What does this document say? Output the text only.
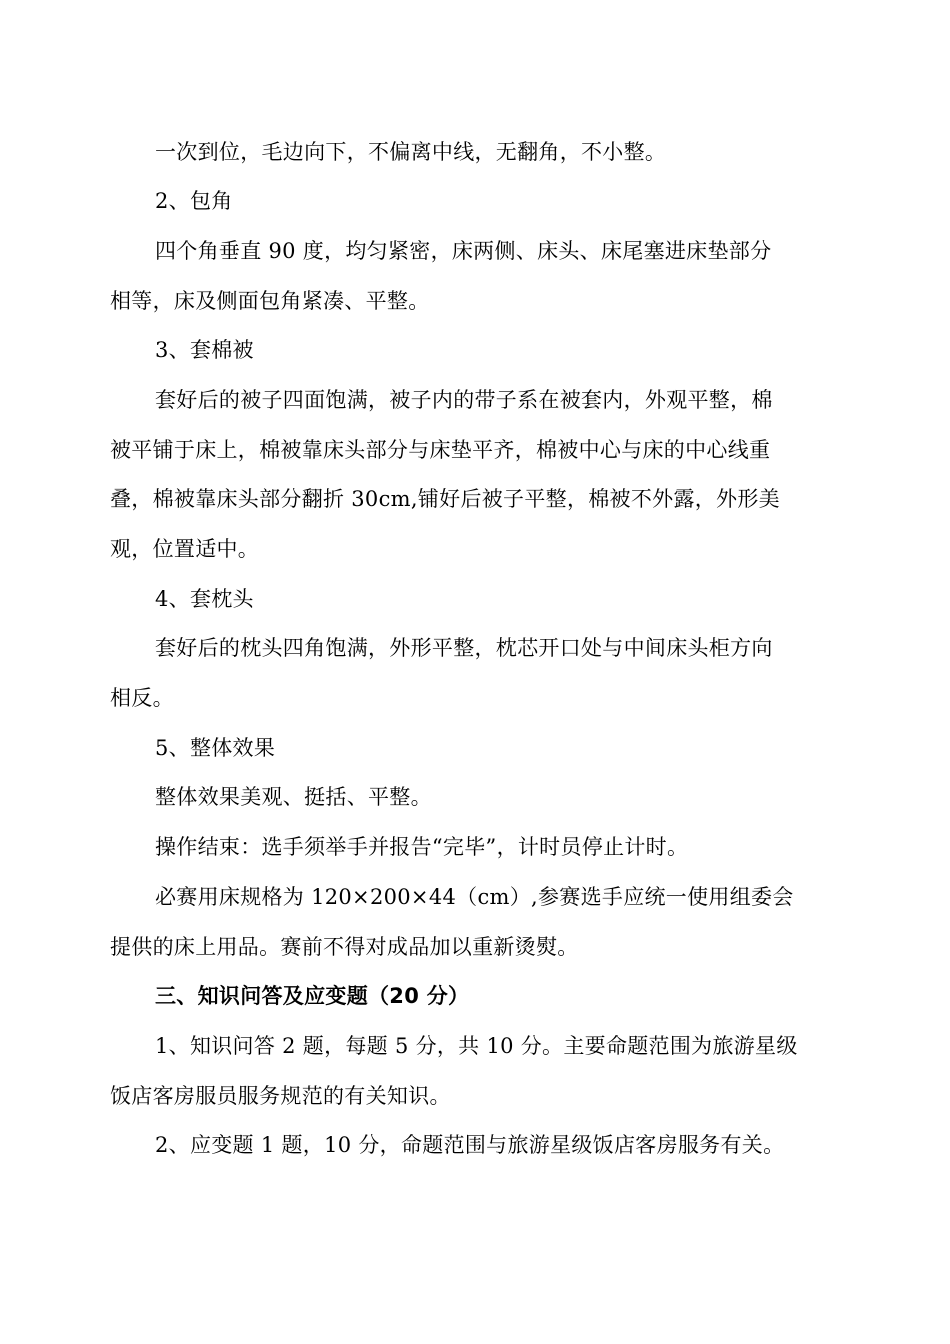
一次到位，毛边向下，不偏离中线，无翻角，不小整。

2、包角

四个角垂直 90 度，均匀紧密，床两侧、床头、床尾塞进床垫部分
相等，床及侧面包角紧凑、平整。

3、套棉被

套好后的被子四面饱满，被子内的带子系在被套内，外观平整，棉
被平铺于床上，棉被靠床头部分与床垫平齐，棉被中心与床的中心线重
叠，棉被靠床头部分翻折 30cm,铺好后被子平整，棉被不外露，外形美
观，位置适中。

4、套枕头

套好后的枕头四角饱满，外形平整，枕芯开口处与中间床头柜方向
相反。

5、整体效果

整体效果美观、挺括、平整。

操作结束：选手须举手并报告“完毕”，计时员停止计时。

必赛用床规格为 120×200×44（cm）,参赛选手应统一使用组委会
提供的床上用品。赛前不得对成品加以重新烫熨。

三、知识问答及应变题（20 分）

1、知识问答 2 题，每题 5 分，共 10 分。主要命题范围为旅游星级
饭店客房服员服务规范的有关知识。

2、应变题 1 题，10 分，命题范围与旅游星级饭店客房服务有关。
